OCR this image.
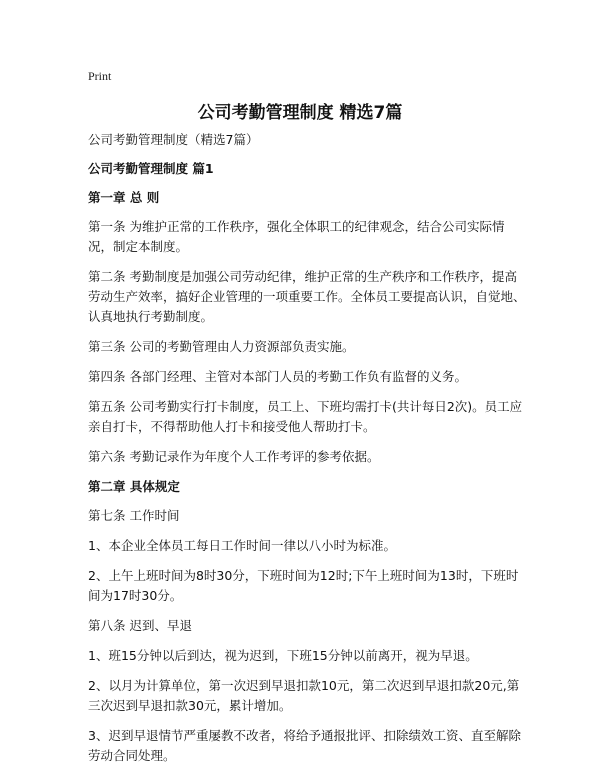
Print
公司考勤管理制度 精选7篇

公司考勤管理制度（精选7篇）

公司考勤管理制度 篇1
第一章 总 则

第一条 为维护正常的工作秩序，强化全体职工的纪律观念，结合公司实际情况，制定本制度。

第二条 考勤制度是加强公司劳动纪律，维护正常的生产秩序和工作秩序，提高劳动生产效率，搞好企业管理的一项重要工作。全体员工要提高认识，自觉地、认真地执行考勤制度。

第三条 公司的考勤管理由人力资源部负责实施。

第四条 各部门经理、主管对本部门人员的考勤工作负有监督的义务。

第五条 公司考勤实行打卡制度，员工上、下班均需打卡(共计每日2次)。员工应亲自打卡，不得帮助他人打卡和接受他人帮助打卡。

第六条 考勤记录作为年度个人工作考评的参考依据。

第二章 具体规定

第七条 工作时间

1、本企业全体员工每日工作时间一律以八小时为标准。

2、上午上班时间为8时30分，下班时间为12时;下午上班时间为13时，下班时间为17时30分。

第八条 迟到、早退

1、班15分钟以后到达，视为迟到，下班15分钟以前离开，视为早退。

2、以月为计算单位，第一次迟到早退扣款10元，第二次迟到早退扣款20元,第三次迟到早退扣款30元，累计增加。

3、迟到早退情节严重屡教不改者，将给予通报批评、扣除绩效工资、直至解除劳动合同处理。
